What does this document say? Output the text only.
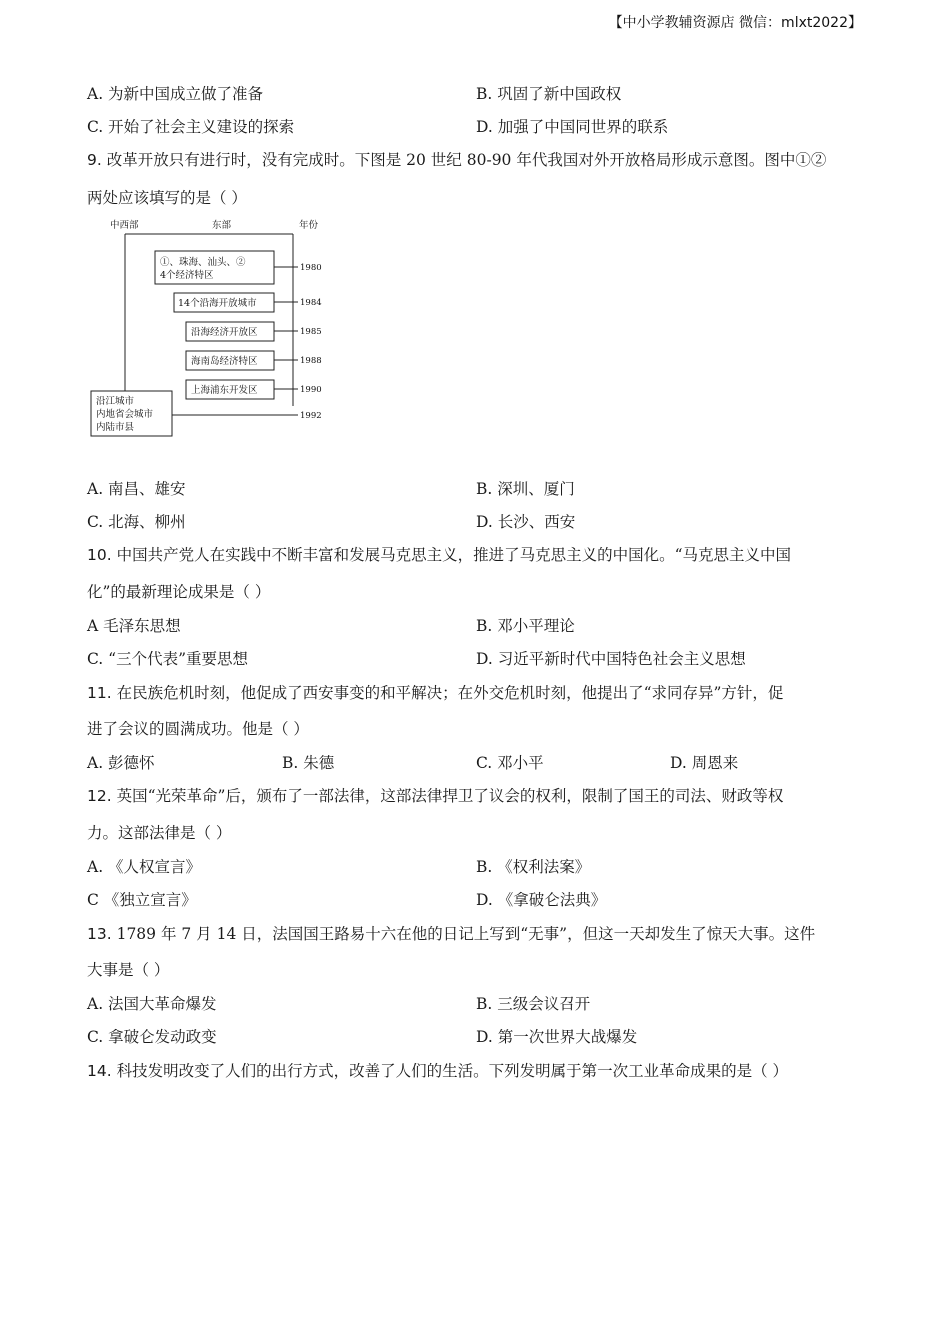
【中小学教辅资源店 微信：mlxt2022】
A. 为新中国成立做了准备	B. 巩固了新中国政权
C. 开始了社会主义建设的探索	D. 加强了中国同世界的联系
9. 改革开放只有进行时，没有完成时。下图是 20 世纪 80-90 年代我国对外开放格局形成示意图。图中①②
两处应该填写的是（ ）
中西部	东部	年份
①、珠海、汕头、②
4个经济特区
14个沿海开放城市
沿海经济开放区
海南岛经济特区
上海浦东开发区
沿江城市
内地省会城市
内陆市县
1980
1984
1985
1988
1990
1992
A. 南昌、雄安	B. 深圳、厦门
C. 北海、柳州	D. 长沙、西安
10. 中国共产党人在实践中不断丰富和发展马克思主义，推进了马克思主义的中国化。“马克思主义中国
化”的最新理论成果是（ ）
A 毛泽东思想	B. 邓小平理论
C. “三个代表”重要思想	D. 习近平新时代中国特色社会主义思想
11. 在民族危机时刻，他促成了西安事变的和平解决；在外交危机时刻，他提出了“求同存异”方针，促
进了会议的圆满成功。他是（ ）
A. 彭德怀	B. 朱德	C. 邓小平	D. 周恩来
12. 英国“光荣革命”后，颁布了一部法律，这部法律捍卫了议会的权利，限制了国王的司法、财政等权
力。这部法律是（ ）
A. 《人权宣言》	B. 《权利法案》
C 《独立宣言》	D. 《拿破仑法典》
13. 1789 年 7 月 14 日，法国国王路易十六在他的日记上写到“无事”，但这一天却发生了惊天大事。这件
大事是（ ）
A. 法国大革命爆发	B. 三级会议召开
C. 拿破仑发动政变	D. 第一次世界大战爆发
14. 科技发明改变了人们的出行方式，改善了人们的生活。下列发明属于第一次工业革命成果的是（ ）
